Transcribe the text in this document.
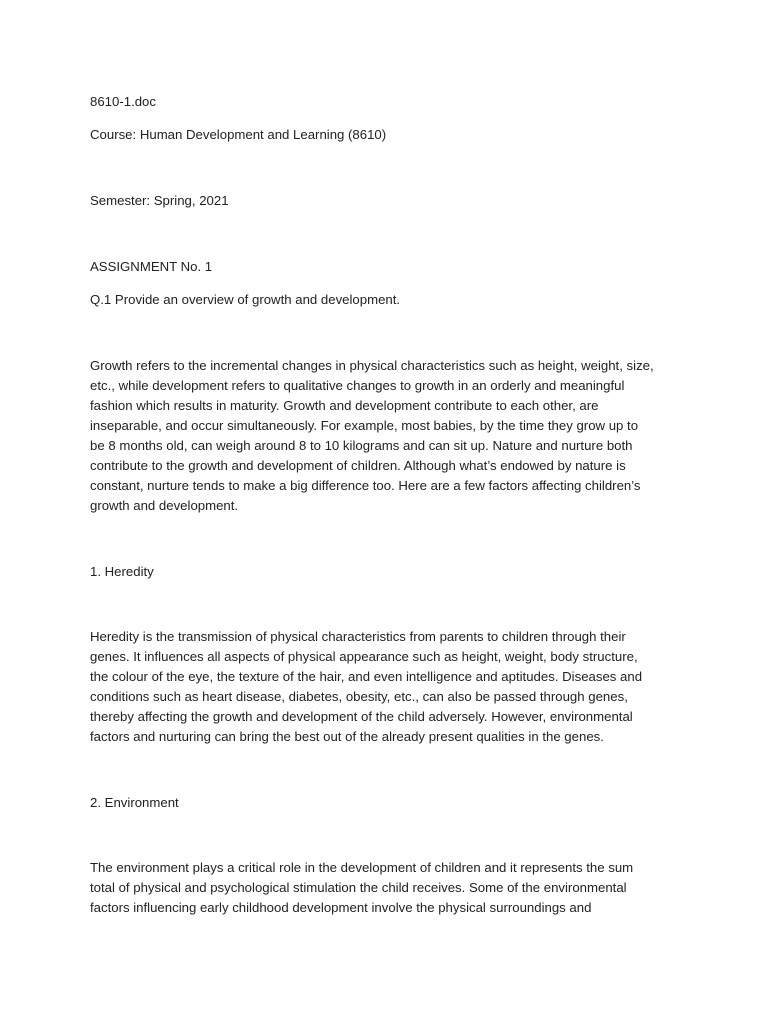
8610-1.doc

Course: Human Development and Learning (8610)

Semester: Spring, 2021

ASSIGNMENT No. 1

Q.1 Provide an overview of growth and development.

Growth refers to the incremental changes in physical characteristics such as height, weight, size,
etc., while development refers to qualitative changes to growth in an orderly and meaningful
fashion which results in maturity. Growth and development contribute to each other, are
inseparable, and occur simultaneously. For example, most babies, by the time they grow up to
be 8 months old, can weigh around 8 to 10 kilograms and can sit up. Nature and nurture both
contribute to the growth and development of children. Although what’s endowed by nature is
constant, nurture tends to make a big difference too. Here are a few factors affecting children’s
growth and development.

1. Heredity

Heredity is the transmission of physical characteristics from parents to children through their
genes. It influences all aspects of physical appearance such as height, weight, body structure,
the colour of the eye, the texture of the hair, and even intelligence and aptitudes. Diseases and
conditions such as heart disease, diabetes, obesity, etc., can also be passed through genes,
thereby affecting the growth and development of the child adversely. However, environmental
factors and nurturing can bring the best out of the already present qualities in the genes.

2. Environment

The environment plays a critical role in the development of children and it represents the sum
total of physical and psychological stimulation the child receives. Some of the environmental
factors influencing early childhood development involve the physical surroundings and
